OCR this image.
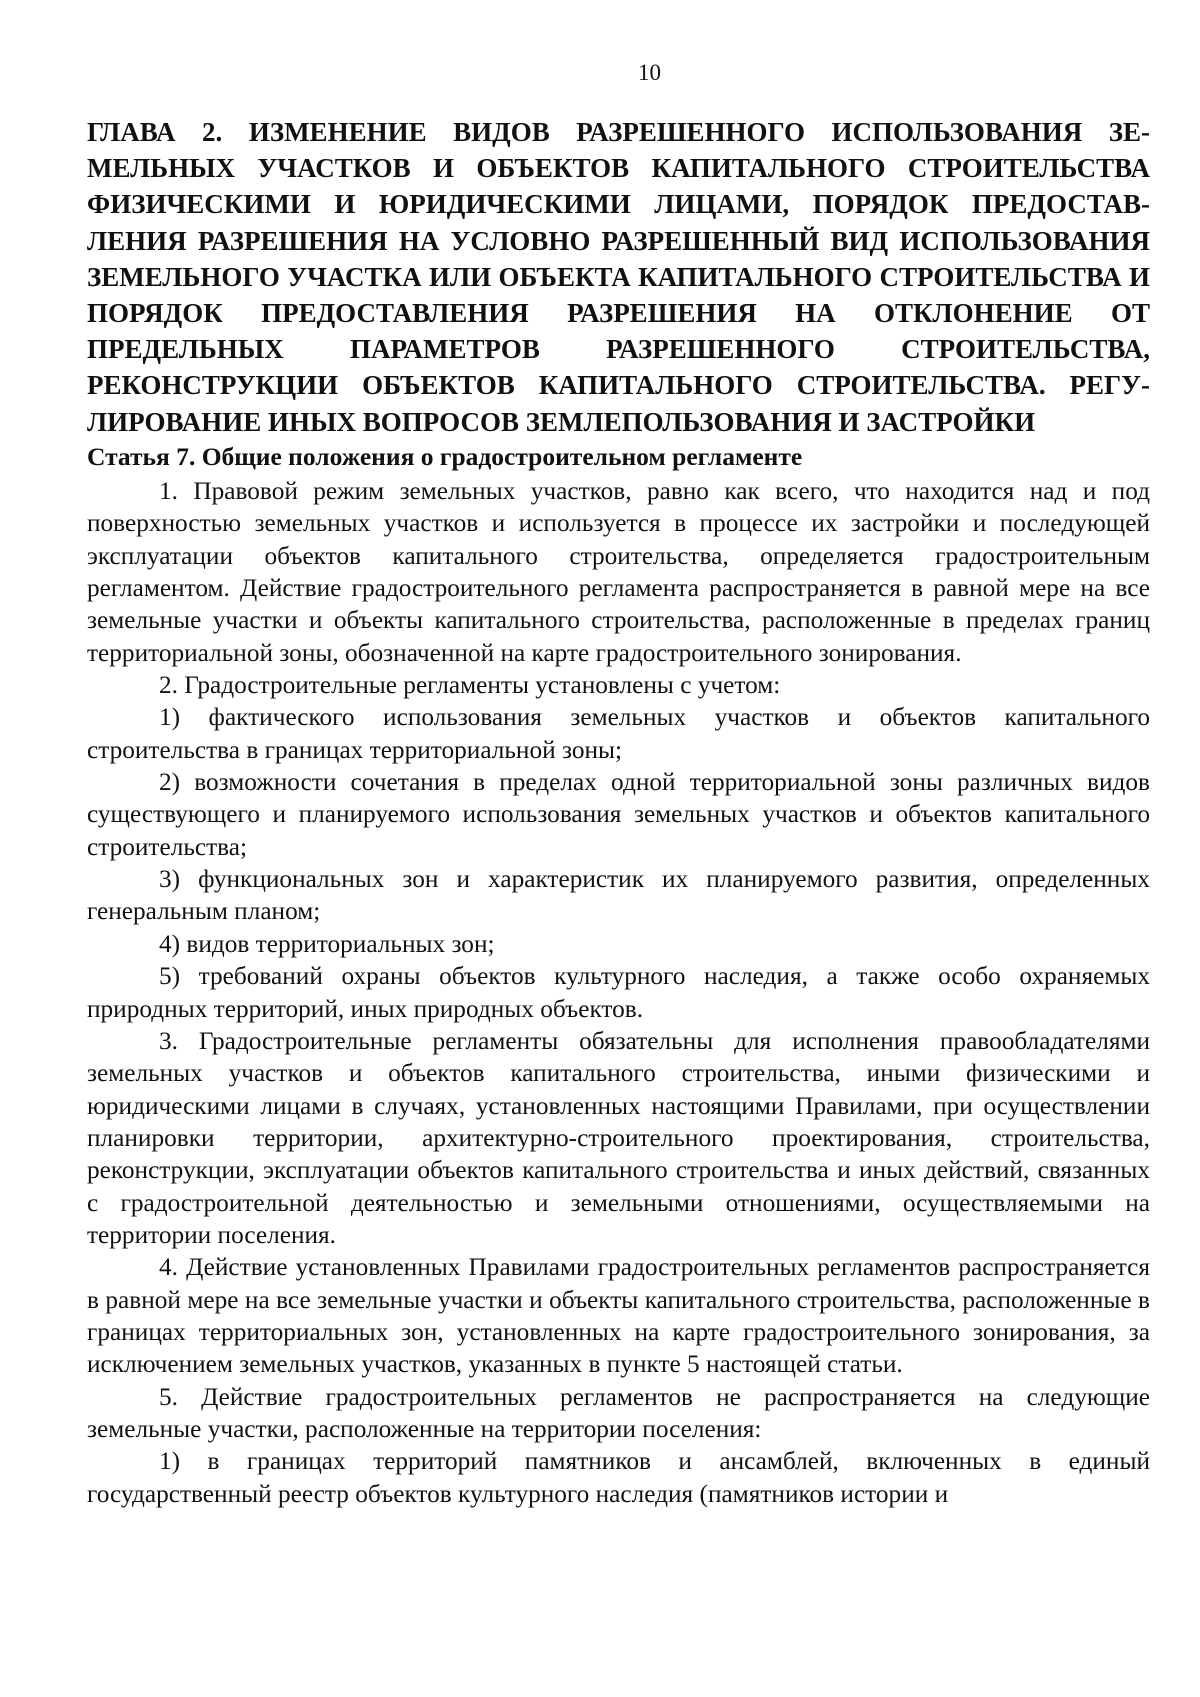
10
ГЛАВА 2. ИЗМЕНЕНИЕ ВИДОВ РАЗРЕШЕННОГО ИСПОЛЬЗОВАНИЯ ЗЕМЕЛЬНЫХ УЧАСТКОВ И ОБЪЕКТОВ КАПИТАЛЬНОГО СТРОИТЕЛЬСТВА ФИЗИЧЕСКИМИ И ЮРИДИЧЕСКИМИ ЛИЦАМИ, ПОРЯДОК ПРЕДОСТАВЛЕНИЯ РАЗРЕШЕНИЯ НА УСЛОВНО РАЗРЕШЕННЫЙ ВИД ИСПОЛЬЗОВАНИЯ ЗЕМЕЛЬНОГО УЧАСТКА ИЛИ ОБЪЕКТА КАПИТАЛЬНОГО СТРОИТЕЛЬСТВА И ПОРЯДОК ПРЕДОСТАВЛЕНИЯ РАЗРЕШЕНИЯ НА ОТКЛОНЕНИЕ ОТ ПРЕДЕЛЬНЫХ ПАРАМЕТРОВ РАЗРЕШЕННОГО СТРОИТЕЛЬСТВА, РЕКОНСТРУКЦИИ ОБЪЕКТОВ КАПИТАЛЬНОГО СТРОИТЕЛЬСТВА. РЕГУЛИРОВАНИЕ ИНЫХ ВОПРОСОВ ЗЕМЛЕПОЛЬЗОВАНИЯ И ЗАСТРОЙКИ
Статья 7. Общие положения о градостроительном регламенте

1. Правовой режим земельных участков, равно как всего, что находится над и под поверхностью земельных участков и используется в процессе их застройки и последующей эксплуатации объектов капитального строительства, определяется градостроительным регламентом. Действие градостроительного регламента распространяется в равной мере на все земельные участки и объекты капитального строительства, расположенные в пределах границ территориальной зоны, обозначенной на карте градостроительного зонирования.

2. Градостроительные регламенты установлены с учетом:

1) фактического использования земельных участков и объектов капитального строительства в границах территориальной зоны;

2) возможности сочетания в пределах одной территориальной зоны различных видов существующего и планируемого использования земельных участков и объектов капитального строительства;

3) функциональных зон и характеристик их планируемого развития, определенных генеральным планом;

4) видов территориальных зон;

5) требований охраны объектов культурного наследия, а также особо охраняемых природных территорий, иных природных объектов.

3. Градостроительные регламенты обязательны для исполнения правообладателями земельных участков и объектов капитального строительства, иными физическими и юридическими лицами в случаях, установленных настоящими Правилами, при осуществлении планировки территории, архитектурно-строительного проектирования, строительства, реконструкции, эксплуатации объектов капитального строительства и иных действий, связанных с градостроительной деятельностью и земельными отношениями, осуществляемыми на территории поселения.

4. Действие установленных Правилами градостроительных регламентов распространяется в равной мере на все земельные участки и объекты капитального строительства, расположенные в границах территориальных зон, установленных на карте градостроительного зонирования, за исключением земельных участков, указанных в пункте 5 настоящей статьи.

5. Действие градостроительных регламентов не распространяется на следующие земельные участки, расположенные на территории поселения:

1) в границах территорий памятников и ансамблей, включенных в единый государственный реестр объектов культурного наследия (памятников истории и
